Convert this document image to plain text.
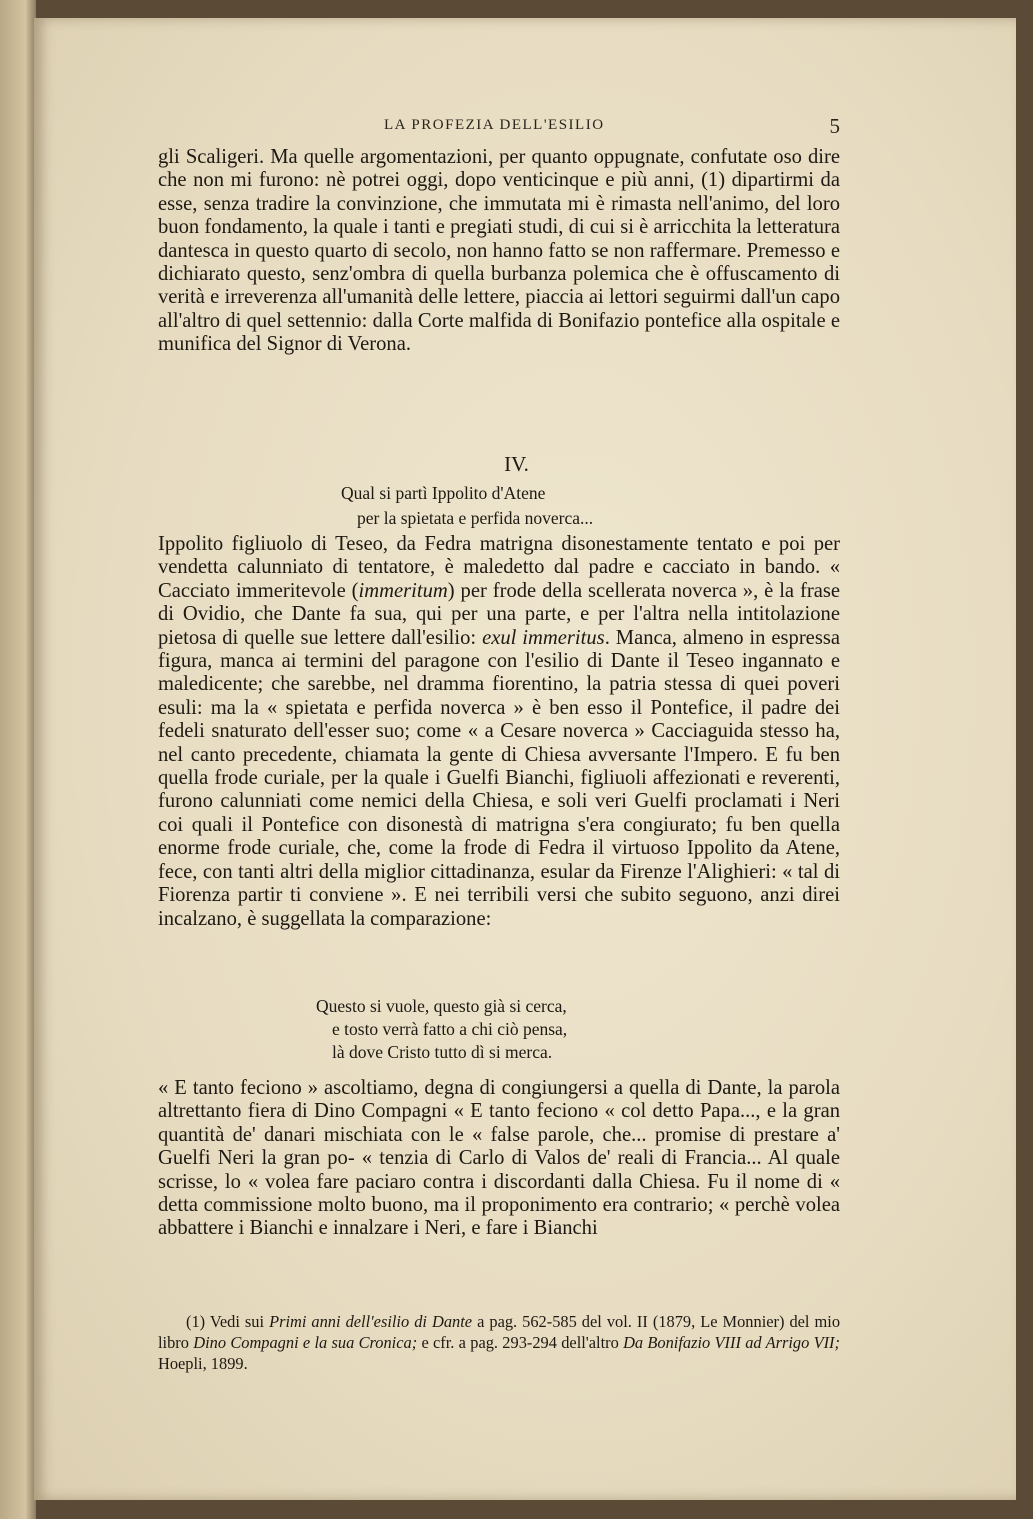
LA PROFEZIA DELL'ESILIO	5

gli Scaligeri. Ma quelle argomentazioni, per quanto oppugnate, confutate oso dire che non mi furono: nè potrei oggi, dopo venticinque e più anni, (1) dipartirmi da esse, senza tradire la convinzione, che immutata mi è rimasta nell'animo, del loro buon fondamento, la quale i tanti e pregiati studi, di cui si è arricchita la letteratura dantesca in questo quarto di secolo, non hanno fatto se non raffermare. Premesso e dichiarato questo, senz'ombra di quella burbanza polemica che è offuscamento di verità e irreverenza all'umanità delle lettere, piaccia ai lettori seguirmi dall'un capo all'altro di quel settennio: dalla Corte malfida di Bonifazio pontefice alla ospitale e munifica del Signor di Verona.

IV.
Qual si partì Ippolito d'Atene
per la spietata e perfida noverca...

Ippolito figliuolo di Teseo, da Fedra matrigna disonestamente tentato e poi per vendetta calunniato di tentatore, è maledetto dal padre e cacciato in bando. « Cacciato immeritevole (immeritum) per frode della scellerata noverca », è la frase di Ovidio, che Dante fa sua, qui per una parte, e per l'altra nella intitolazione pietosa di quelle sue lettere dall'esilio: exul immeritus. Manca, almeno in espressa figura, manca ai termini del paragone con l'esilio di Dante il Teseo ingannato e maledicente; che sarebbe, nel dramma fiorentino, la patria stessa di quei poveri esuli: ma la « spietata e perfida noverca » è ben esso il Pontefice, il padre dei fedeli snaturato dell'esser suo; come « a Cesare noverca » Cacciaguida stesso ha, nel canto precedente, chiamata la gente di Chiesa avversante l'Impero. E fu ben quella frode curiale, per la quale i Guelfi Bianchi, figliuoli affezionati e reverenti, furono calunniati come nemici della Chiesa, e soli veri Guelfi proclamati i Neri coi quali il Pontefice con disonestà di matrigna s'era congiurato; fu ben quella enorme frode curiale, che, come la frode di Fedra il virtuoso Ippolito da Atene, fece, con tanti altri della miglior cittadinanza, esular da Firenze l'Alighieri: « tal di Fiorenza partir ti conviene ». E nei terribili versi che subito seguono, anzi direi incalzano, è suggellata la comparazione:

Questo si vuole, questo già si cerca,
e tosto verrà fatto a chi ciò pensa,
là dove Cristo tutto dì si merca.

« E tanto feciono » ascoltiamo, degna di congiungersi a quella di Dante, la parola altrettanto fiera di Dino Compagni « E tanto feciono « col detto Papa..., e la gran quantità de' danari mischiata con le « false parole, che... promise di prestare a' Guelfi Neri la gran po- « tenzia di Carlo di Valos de' reali di Francia... Al quale scrisse, lo « volea fare paciaro contra i discordanti dalla Chiesa. Fu il nome di « detta commissione molto buono, ma il proponimento era contrario; « perchè volea abbattere i Bianchi e innalzare i Neri, e fare i Bianchi

(1) Vedi sui Primi anni dell'esilio di Dante a pag. 562-585 del vol. II (1879, Le Monnier) del mio libro Dino Compagni e la sua Cronica; e cfr. a pag. 293-294 dell'altro Da Bonifazio VIII ad Arrigo VII; Hoepli, 1899.
